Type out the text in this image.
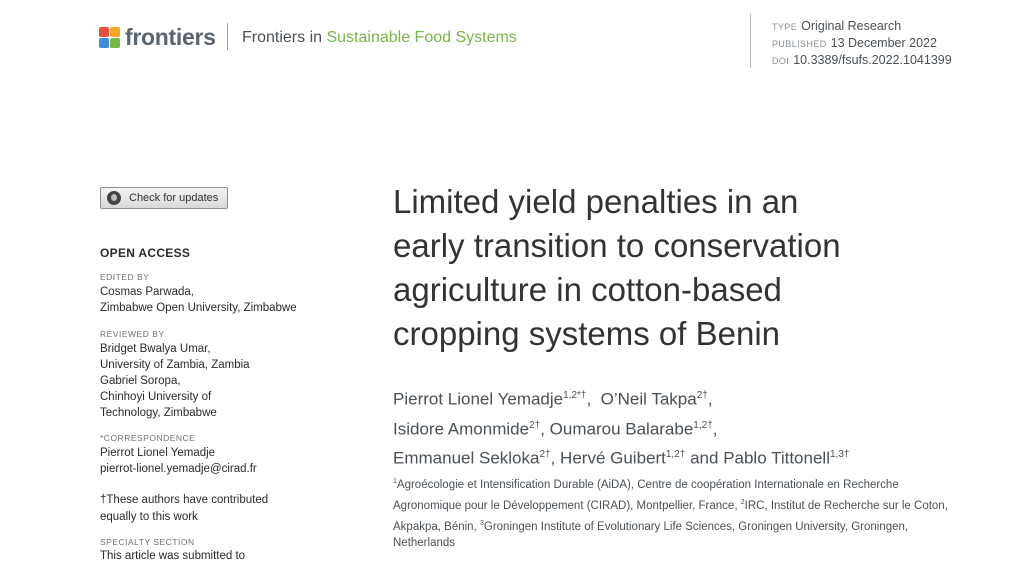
frontiers Frontiers in Sustainable Food Systems
TYPE Original Research
PUBLISHED 13 December 2022
DOI 10.3389/fsufs.2022.1041399
Check for updates
OPEN ACCESS
EDITED BY
Cosmas Parwada,
Zimbabwe Open University, Zimbabwe
REVIEWED BY
Bridget Bwalya Umar,
University of Zambia, Zambia
Gabriel Soropa,
Chinhoyi University of
Technology, Zimbabwe
*CORRESPONDENCE
Pierrot Lionel Yemadje
pierrot-lionel.yemadje@cirad.fr
†These authors have contributed
equally to this work
SPECIALTY SECTION
This article was submitted to
Limited yield penalties in an
early transition to conservation
agriculture in cotton-based
cropping systems of Benin
Pierrot Lionel Yemadje$^{1,2*\dagger}$,  O’Neil Takpa$^{2\dagger}$,
Isidore Amonmide$^{2\dagger}$, Oumarou Balarabe$^{1,2\dagger}$,
Emmanuel Sekloka$^{2\dagger}$, Hervé Guibert$^{1,2\dagger}$ and Pablo Tittonell$^{1,3\dagger}$
$^1$Agroécologie et Intensification Durable (AiDA), Centre de coopération Internationale en Recherche Agronomique pour le Développement (CIRAD), Montpellier, France, $^2$IRC, Institut de Recherche sur le Coton, Akpakpa, Bénin, $^3$Groningen Institute of Evolutionary Life Sciences, Groningen University, Groningen, Netherlands
